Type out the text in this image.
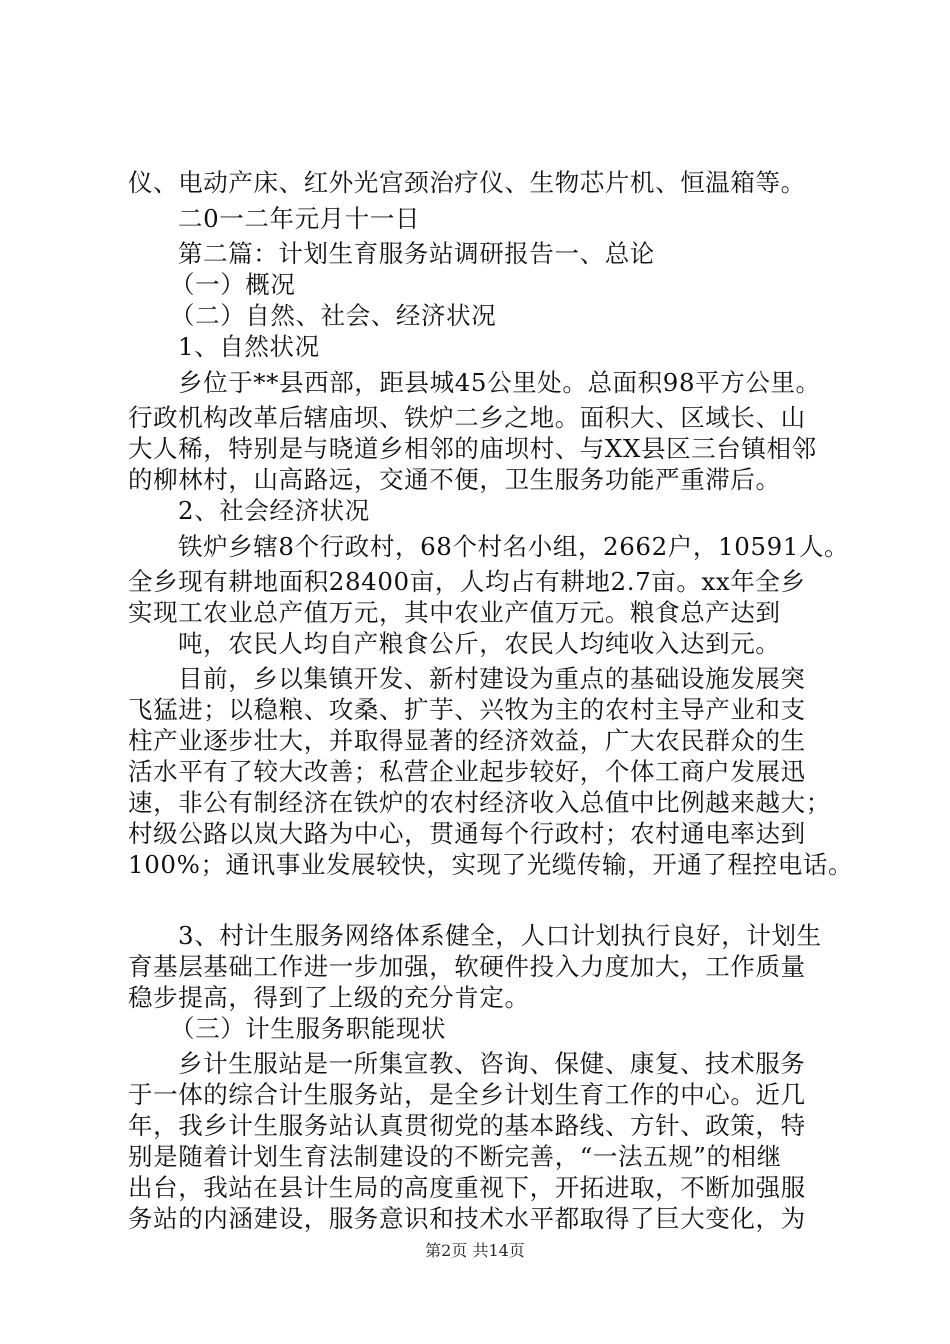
仪、电动产床、红外光宫颈治疗仪、生物芯片机、恒温箱等。
二0一二年元月十一日
第二篇：计划生育服务站调研报告一、总论
（一）概况
（二）自然、社会、经济状况
1、自然状况
乡位于**县西部，距县城45公里处。总面积98平方公里。
行政机构改革后辖庙坝、铁炉二乡之地。面积大、区域长、山
大人稀，特别是与晓道乡相邻的庙坝村、与XX县区三台镇相邻
的柳林村，山高路远，交通不便，卫生服务功能严重滞后。
2、社会经济状况
铁炉乡辖8个行政村，68个村名小组，2662户，10591人。
全乡现有耕地面积28400亩，人均占有耕地2.7亩。xx年全乡
实现工农业总产值万元，其中农业产值万元。粮食总产达到
吨，农民人均自产粮食公斤，农民人均纯收入达到元。
目前，乡以集镇开发、新村建设为重点的基础设施发展突
飞猛进；以稳粮、攻桑、扩芋、兴牧为主的农村主导产业和支
柱产业逐步壮大，并取得显著的经济效益，广大农民群众的生
活水平有了较大改善；私营企业起步较好，个体工商户发展迅
速，非公有制经济在铁炉的农村经济收入总值中比例越来越大；
村级公路以岚大路为中心，贯通每个行政村；农村通电率达到
100%；通讯事业发展较快，实现了光缆传输，开通了程控电话。
3、村计生服务网络体系健全，人口计划执行良好，计划生
育基层基础工作进一步加强，软硬件投入力度加大，工作质量
稳步提高，得到了上级的充分肯定。
（三）计生服务职能现状
乡计生服站是一所集宣教、咨询、保健、康复、技术服务
于一体的综合计生服务站，是全乡计划生育工作的中心。近几
年，我乡计生服务站认真贯彻党的基本路线、方针、政策，特
别是随着计划生育法制建设的不断完善，“一法五规”的相继
出台，我站在县计生局的高度重视下，开拓进取，不断加强服
务站的内涵建设，服务意识和技术水平都取得了巨大变化，为
第2页 共14页
